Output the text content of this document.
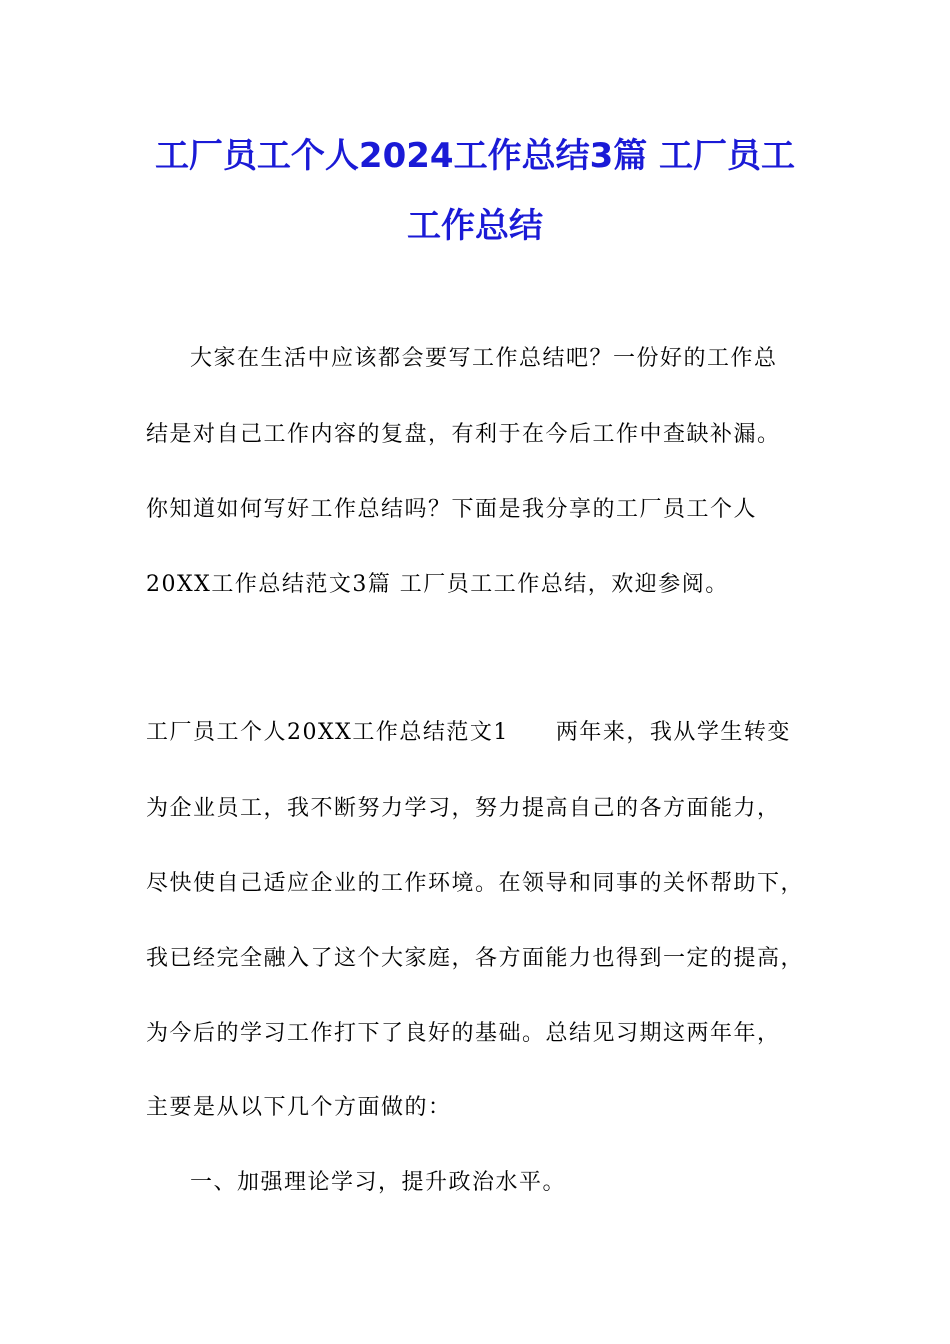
工厂员工个人2024工作总结3篇 工厂员工
工作总结
大家在生活中应该都会要写工作总结吧？一份好的工作总
结是对自己工作内容的复盘，有利于在今后工作中查缺补漏。
你知道如何写好工作总结吗？下面是我分享的工厂员工个人
20XX工作总结范文3篇 工厂员工工作总结，欢迎参阅。
工厂员工个人20XX工作总结范文1　　两年来，我从学生转变
为企业员工，我不断努力学习，努力提高自己的各方面能力，
尽快使自己适应企业的工作环境。在领导和同事的关怀帮助下，
我已经完全融入了这个大家庭，各方面能力也得到一定的提高，
为今后的学习工作打下了良好的基础。总结见习期这两年年，
主要是从以下几个方面做的：
一、加强理论学习，提升政治水平。
